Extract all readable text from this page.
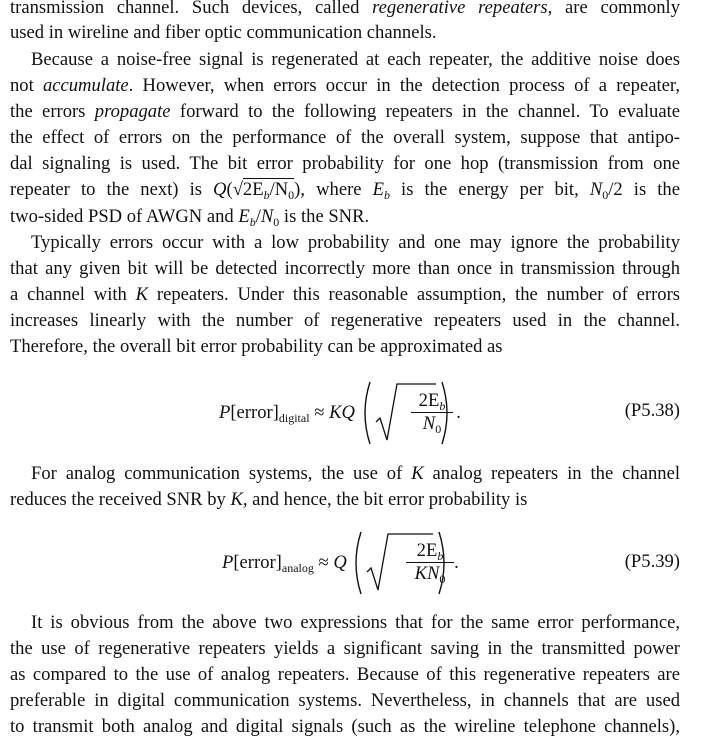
transmission channel. Such devices, called regenerative repeaters, are commonly
used in wireline and fiber optic communication channels.
Because a noise-free signal is regenerated at each repeater, the additive noise does
not accumulate. However, when errors occur in the detection process of a repeater,
the errors propagate forward to the following repeaters in the channel. To evaluate
the effect of errors on the performance of the overall system, suppose that antipo-
dal signaling is used. The bit error probability for one hop (transmission from one
repeater to the next) is $Q(√2E_b/N_0)$, where $E_b$ is the energy per bit, $N_0/2$ is the
two-sided PSD of AWGN and $E_b/N_0$ is the SNR.
Typically errors occur with a low probability and one may ignore the probability
that any given bit will be detected incorrectly more than once in transmission through
a channel with K repeaters. Under this reasonable assumption, the number of errors
increases linearly with the number of regenerative repeaters used in the channel.
Therefore, the overall bit error probability can be approximated as
$P[error]_{digital}$ ≈ KQ	$\frac{2E_b}{N_0}$ .	(P5.38)
For analog communication systems, the use of K analog repeaters in the channel
reduces the received SNR by K, and hence, the bit error probability is
$P[error]_{analog} \approx Q$	$\frac{2E_b}{KN_0}$ .	(P5.39)
It is obvious from the above two expressions that for the same error performance,
the use of regenerative repeaters yields a significant saving in the transmitted power
as compared to the use of analog repeaters. Because of this regenerative repeaters are
preferable in digital communication systems. Nevertheless, in channels that are used
to transmit both analog and digital signals (such as the wireline telephone channels),
